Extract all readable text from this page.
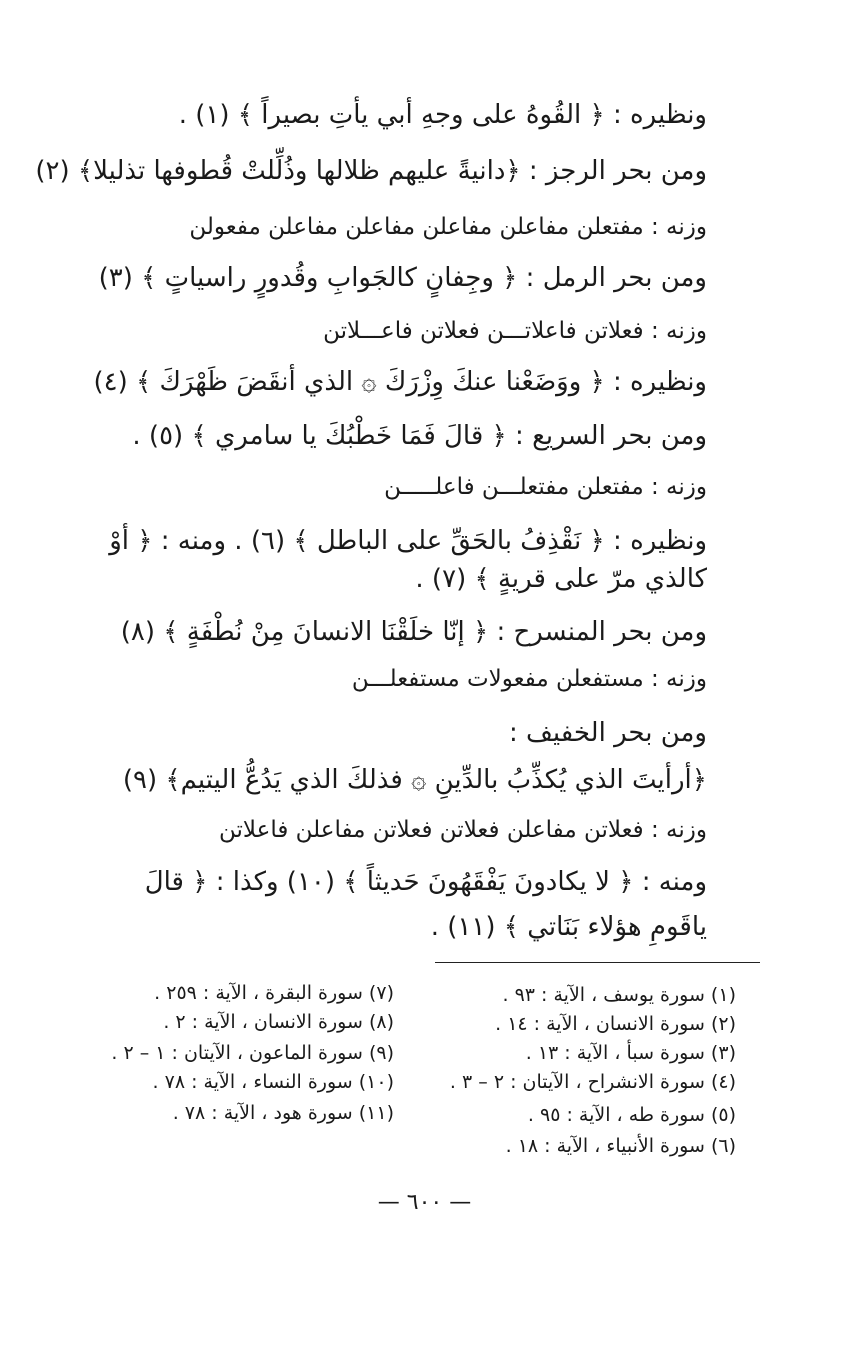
ونظيره : ﴿ القُوهُ على وجهِ أبي يأتِ بصيراً ﴾ (١) .
ومن بحر الرجز : ﴿دانيةً عليهم ظلالها وذُلِّلتْ قُطوفها تذليلا﴾ (٢)
وزنه : مفتعلن مفاعلن مفاعلن مفاعلن مفاعلن مفعولن
ومن بحر الرمل : ﴿ وجِفانٍ كالجَوابِ وقُدورٍ راسياتٍ ﴾ (٣)
وزنه : فعلاتن فاعلاتـــن فعلاتن فاعـــلاتن
ونظيره : ﴿ ووَضَعْنا عنكَ وِزْرَكَ ۞ الذي أنقَضَ ظَهْرَكَ ﴾ (٤)
ومن بحر السريع : ﴿ قالَ فَمَا خَطْبُكَ يا سامري ﴾ (٥) .
وزنه : مفتعلن مفتعلـــن فاعلـــــن
ونظيره : ﴿ نَقْذِفُ بالحَقِّ على الباطل ﴾ (٦) . ومنه : ﴿ أوْ
كالذي مرّ على قريةٍ ﴾ (٧) .
ومن بحر المنسرح : ﴿ إنّا خلَقْنَا الانسانَ مِنْ نُطْفَةٍ ﴾ (٨)
وزنه : مستفعلن مفعولات مستفعلـــن
ومن بحر الخفيف :
﴿أرأيتَ الذي يُكذِّبُ بالدِّينِ ۞ فذلكَ الذي يَدُعُّ اليتيم﴾ (٩)
وزنه : فعلاتن مفاعلن فعلاتن فعلاتن مفاعلن فاعلاتن
ومنه : ﴿ لا يكادونَ يَفْقَهُونَ حَديثاً ﴾ (١٠) وكذا : ﴿ قالَ
ياقَومِ هؤلاء بَنَاتي ﴾ (١١) .
(١) سورة يوسف ، الآية : ٩٣ .
(٢) سورة الانسان ، الآية : ١٤ .
(٣) سورة سبأ ، الآية : ١٣ .
(٤) سورة الانشراح ، الآيتان : ٢ – ٣ .
(٥) سورة طه ، الآية : ٩٥ .
(٦) سورة الأنبياء ، الآية : ١٨ .
(٧) سورة البقرة ، الآية : ٢٥٩ .
(٨) سورة الانسان ، الآية : ٢ .
(٩) سورة الماعون ، الآيتان : ١ – ٢ .
(١٠) سورة النساء ، الآية : ٧٨ .
(١١) سورة هود ، الآية : ٧٨ .
— ٦٠٠ —
